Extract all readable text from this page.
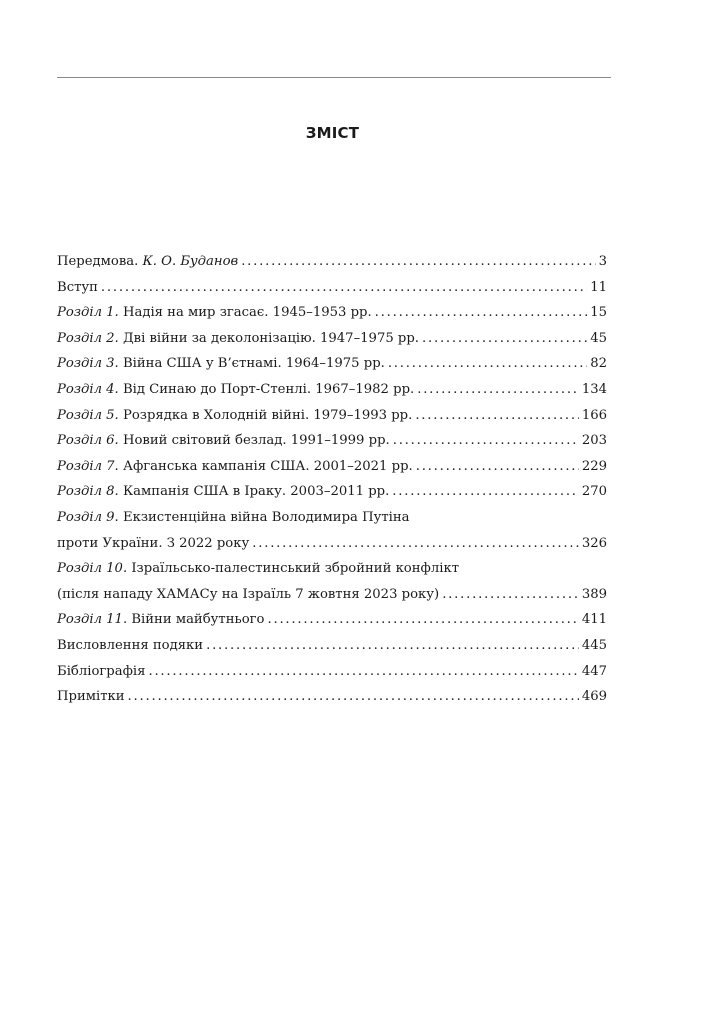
ЗМІСТ
Передмова. К. О. Буданов . . .	3
Вступ . . .	11
Розділ 1. Надія на мир згасає. 1945–1953 рр. . . .	15
Розділ 2. Дві війни за деколонізацію. 1947–1975 рр. . . .	45
Розділ 3. Війна США у В’єтнамі. 1964–1975 рр. . . .	82
Розділ 4. Від Синаю до Порт-Стенлі. 1967–1982 рр. . . .	134
Розділ 5. Розрядка в Холодній війні. 1979–1993 рр. . . .	166
Розділ 6. Новий світовий безлад. 1991–1999 рр. . . .	203
Розділ 7. Афганська кампанія США. 2001–2021 рр. . . .	229
Розділ 8. Кампанія США в Іраку. 2003–2011 рр. . . .	270
Розділ 9. Екзистенційна війна Володимира Путіна
проти України. З 2022 року . . .	326
Розділ 10. Ізраїльсько-палестинський збройний конфлікт
(після нападу ХАМАСу на Ізраїль 7 жовтня 2023 року) . . .	389
Розділ 11. Війни майбутнього . . .	411
Висловлення подяки . . .	445
Бібліографія . . .	447
Примітки . . .	469
